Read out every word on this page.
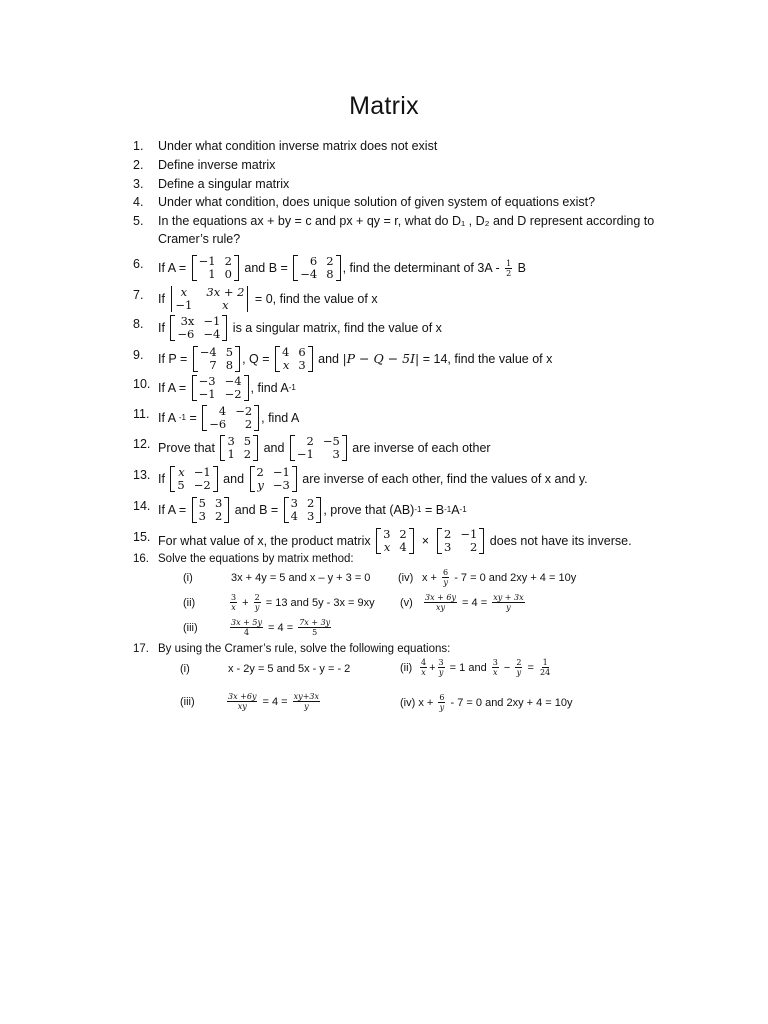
Matrix
1.	Under what condition inverse matrix does not exist
2.	Define inverse matrix
3.	Define a singular matrix
4.	Under what condition, does unique solution of given system of equations exist?
5.	In the equations ax + by = c and px + qy = r, what do D₁ , D₂ and D represent according to
Cramer’s rule?
6.	If A = −1 2
1 0 and B =	6 2
−4 8 , find the determinant of $3A - \frac{1}{2}$ B
7.	If	x	3x + 2
−1	x	= 0, find the value of x
8.	If 3x −1
−6 −4 is a singular matrix, find the value of x
9.	If P = −4 5
7 8 , Q = 4 6
x 3 and |P − Q − 5I| = 14, find the value of x
10. If A = −3 −4
−1 −2 , find A -1
11. If A -1 =	4 −2
−6	2 , find A
12. Prove that 3 5
1 2 and	2 −5
−1	3 are inverse of each other
13. If x −1
5 −2 and 2 −1
y −3 are inverse of each other, find the values of x and y.
14. If A = 5 3
3 2 and B = 3 2
4 3 , prove that (AB) -1 = B -1 A -1
15. For what value of x, the product matrix 3 2
x 4 × 2 −1
3	2 does not have its inverse.
16. Solve the equations by matrix method:
(i)	3x + 4y = 5 and x – y + 3 = 0	(iv) $x + \frac{6}{y} - 7 = 0$ and 2xy + 4 = 10y
(ii)	$\frac{3}{x} + \frac{2}{y} = 13$ and 5y - 3x = 9xy (v)	$\frac{3x + 6y}{xy} = 4 = \frac{xy + 3x}{y}$
(iii)	$\frac{3x + 5y}{4} = 4 = \frac{7x + 3y}{5}$
17. By using the Cramer’s rule, solve the following equations:
(i)	x - 2y = 5 and 5x - y = - 2	$(ii) \frac{4}{x} + \frac{3}{y} = 1$ and $\frac{3}{x} - \frac{2}{y} = \frac{1}{24}$
(iii)	$\frac{3x +6y}{xy} = 4 = \frac{xy+3x}{y}$	(iv) $x + \frac{6}{y} - 7 = 0$ and 2xy + 4 = 10y
